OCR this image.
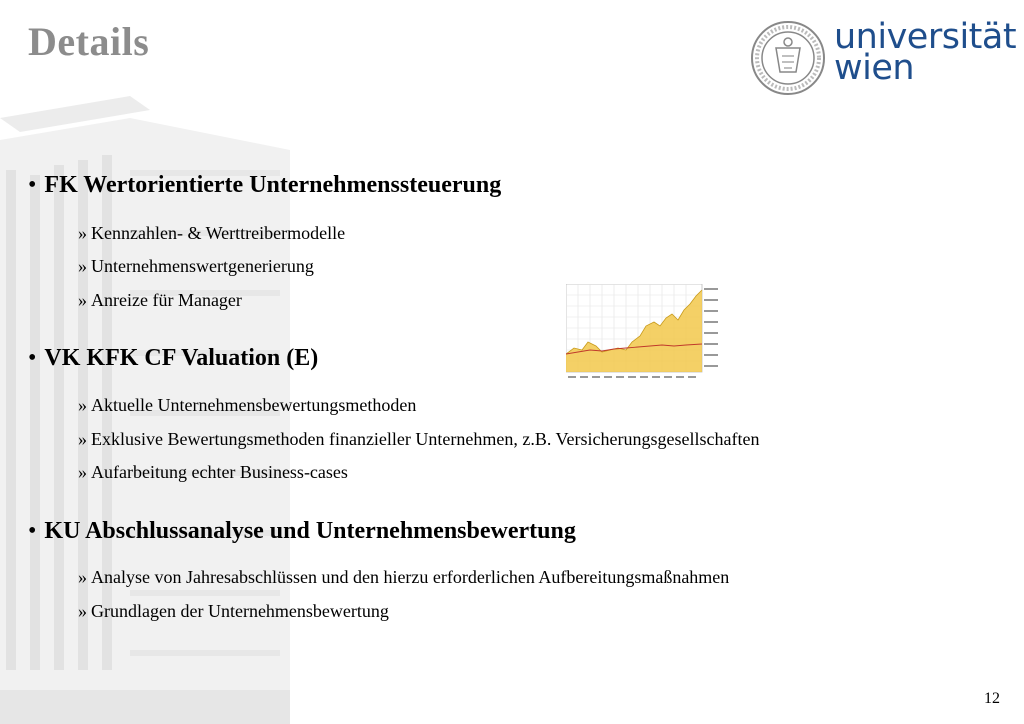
Details	universität
wien
• FK Wertorientierte Unternehmenssteuerung
» Kennzahlen- & Werttreibermodelle
» Unternehmenswertgenerierung
» Anreize für Manager
• VK KFK CF Valuation (E)
» Aktuelle Unternehmensbewertungsmethoden
» Exklusive Bewertungsmethoden finanzieller Unternehmen, z.B. Versicherungsgesellschaften
» Aufarbeitung echter Business-cases
• KU Abschlussanalyse und Unternehmensbewertung
» Analyse von Jahresabschlüssen und den hierzu erforderlichen Aufbereitungsmaßnahmen
» Grundlagen der Unternehmensbewertung
12
